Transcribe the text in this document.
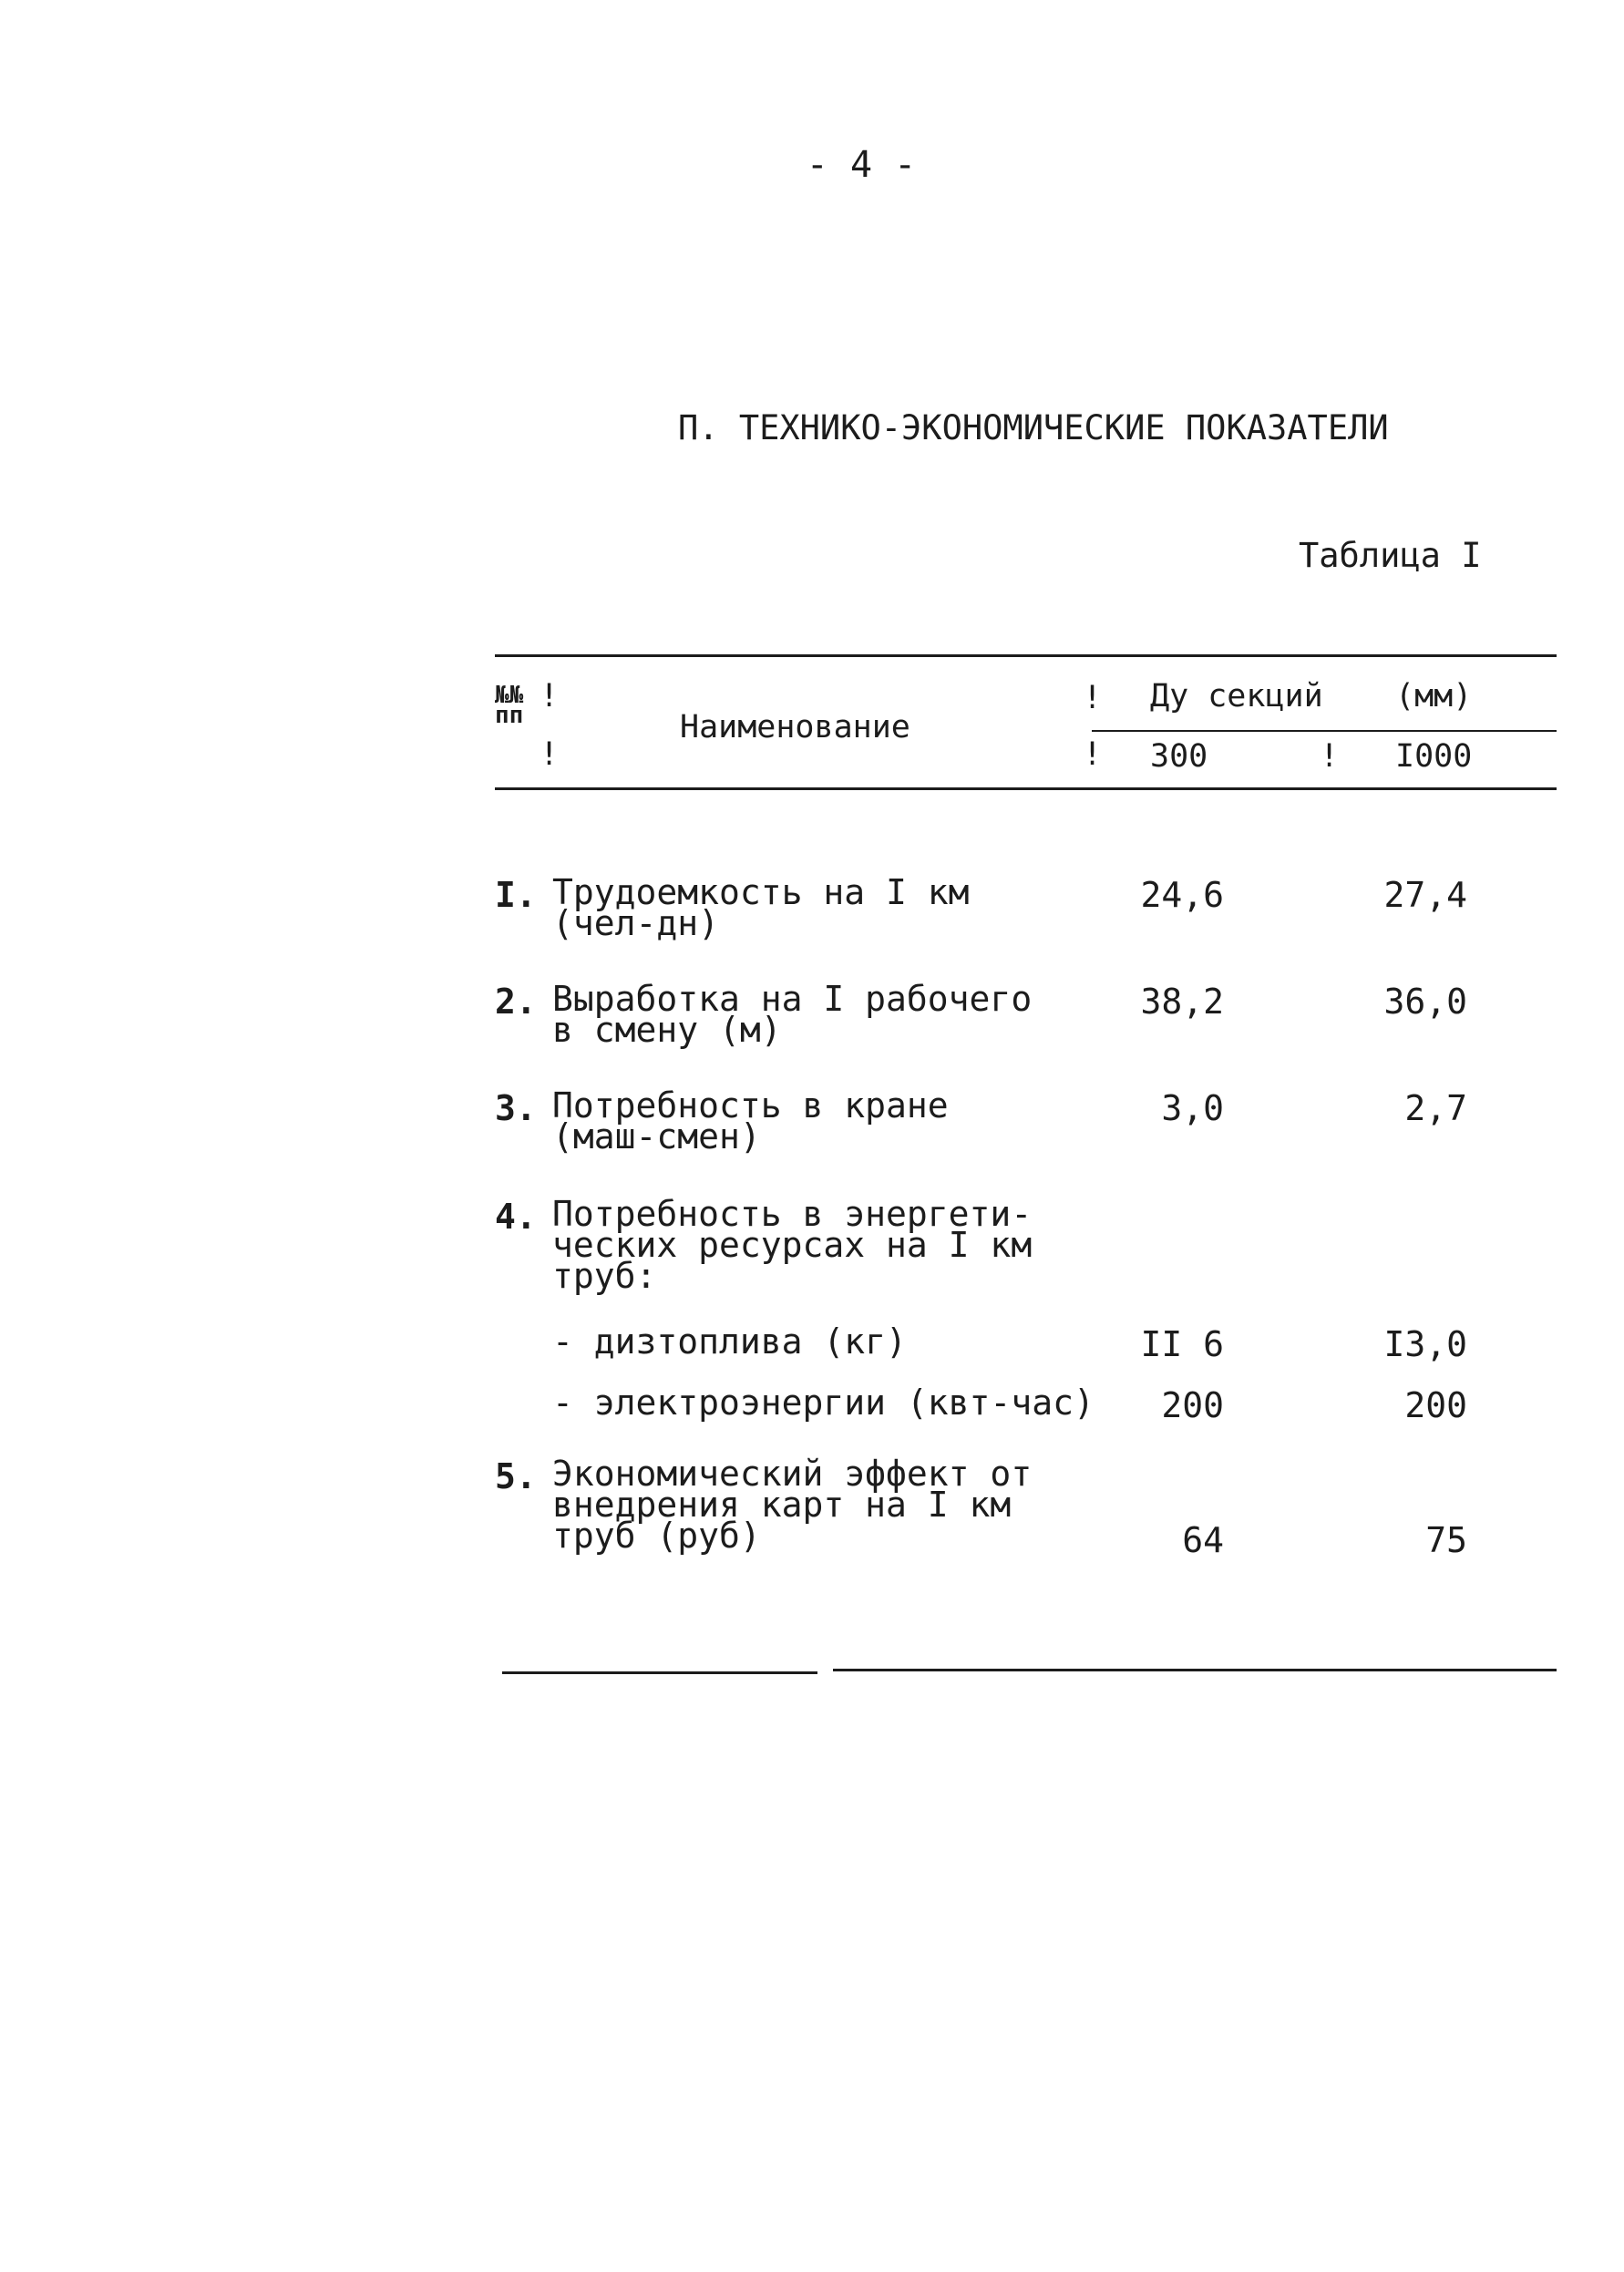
- 4 -
П. ТЕХНИКО-ЭКОНОМИЧЕСКИЕ ПОКАЗАТЕЛИ
Таблица I
№№
пп
!
!
Наименование
!
!
Ду секций (мм)
300	! I000
I. Трудоемкость на I км
(чел-дн)
24,6	27,4
2. Выработка на I рабочего
в смену (м)
38,2	36,0
3. Потребность в кране
(маш-смен)
3,0	2,7
4. Потребность в энергети-
ческих ресурсах на I км
труб:
- дизтоплива (кг)	II 6	I3,0
- электроэнергии (квт-час)	200	200
5. Экономический эффект от
внедрения карт на I км
труб (руб)	64	75
